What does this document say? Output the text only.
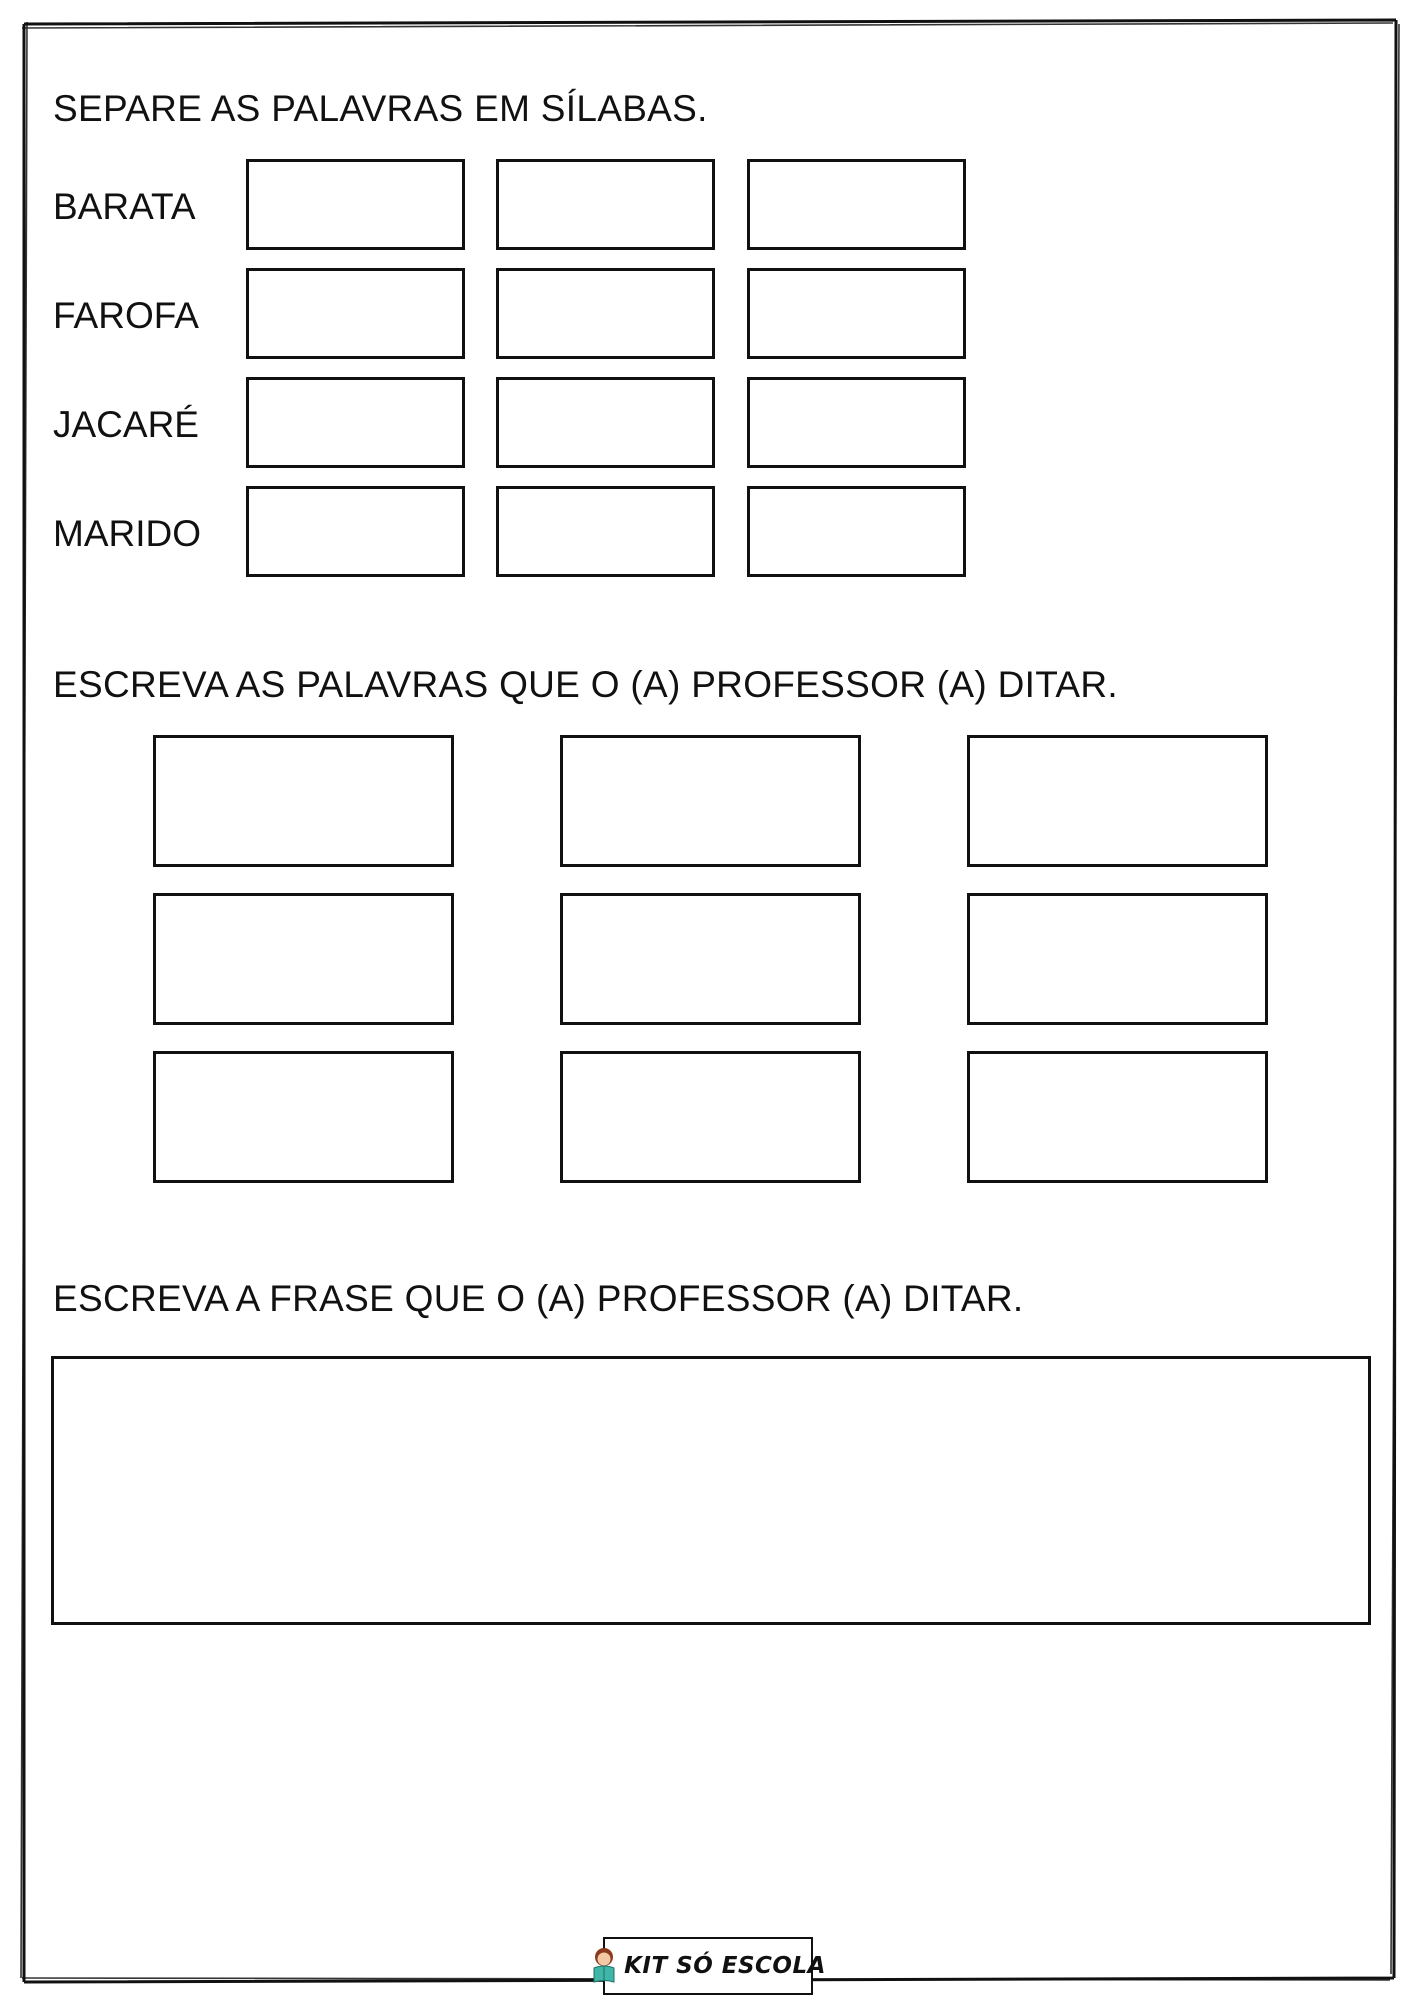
SEPARE AS PALAVRAS EM SÍLABAS.
BARATA
FAROFA
JACARÉ
MARIDO
ESCREVA AS PALAVRAS QUE O (A) PROFESSOR (A) DITAR.
ESCREVA A FRASE QUE O (A) PROFESSOR (A) DITAR.
KIT SÓ ESCOLA
